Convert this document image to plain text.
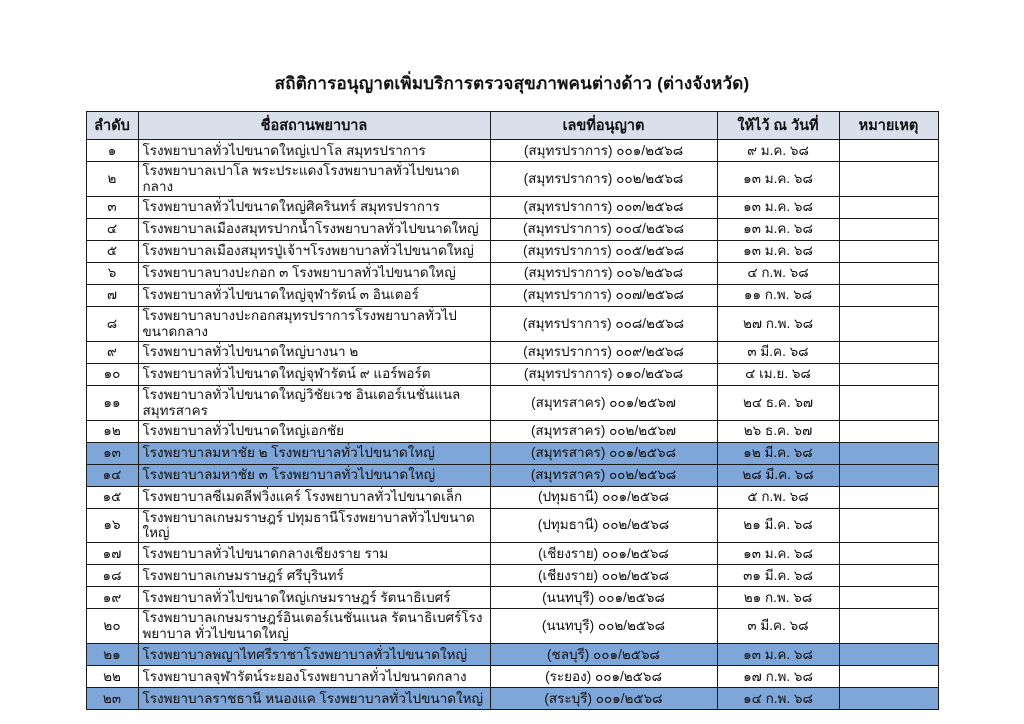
สถิติการอนุญาตเพิ่มบริการตรวจสุขภาพคนต่างด้าว (ต่างจังหวัด)
ลำดับ	ชื่อสถานพยาบาล	เลขที่อนุญาต	ให้ไว้ ณ วันที่	หมายเหตุ
๑	โรงพยาบาลทั่วไปขนาดใหญ่เปาโล สมุทรปราการ	(สมุทรปราการ) ๐๐๑/๒๕๖๘	๙ ม.ค. ๖๘	
๒	โรงพยาบาลเปาโล พระประแดงโรงพยาบาลทั่วไปขนาดกลาง	(สมุทรปราการ) ๐๐๒/๒๕๖๘	๑๓ ม.ค. ๖๘	
๓	โรงพยาบาลทั่วไปขนาดใหญ่ศิครินทร์ สมุทรปราการ	(สมุทรปราการ) ๐๐๓/๒๕๖๘	๑๓ ม.ค. ๖๘	
๔	โรงพยาบาลเมืองสมุทรปากน้ำโรงพยาบาลทั่วไปขนาดใหญ่	(สมุทรปราการ) ๐๐๔/๒๕๖๘	๑๓ ม.ค. ๖๘	
๕	โรงพยาบาลเมืองสมุทรปู่เจ้าฯโรงพยาบาลทั่วไปขนาดใหญ่	(สมุทรปราการ) ๐๐๕/๒๕๖๘	๑๓ ม.ค. ๖๘	
๖	โรงพยาบาลบางปะกอก ๓ โรงพยาบาลทั่วไปขนาดใหญ่	(สมุทรปราการ) ๐๐๖/๒๕๖๘	๔ ก.พ. ๖๘	
๗	โรงพยาบาลทั่วไปขนาดใหญ่จุฬารัตน์ ๓ อินเตอร์	(สมุทรปราการ) ๐๐๗/๒๕๖๘	๑๑ ก.พ. ๖๘	
๘	โรงพยาบาลบางปะกอกสมุทรปราการโรงพยาบาลทั่วไปขนาดกลาง	(สมุทรปราการ) ๐๐๘/๒๕๖๘	๒๗ ก.พ. ๖๘	
๙	โรงพยาบาลทั่วไปขนาดใหญ่บางนา ๒	(สมุทรปราการ) ๐๐๙/๒๕๖๘	๓ มี.ค. ๖๘	
๑๐	โรงพยาบาลทั่วไปขนาดใหญ่จุฬารัตน์ ๙ แอร์พอร์ต	(สมุทรปราการ) ๐๑๐/๒๕๖๘	๔ เม.ย. ๖๘	
๑๑	โรงพยาบาลทั่วไปขนาดใหญ่วิชัยเวช อินเตอร์เนชั่นแนล สมุทรสาคร	(สมุทรสาคร) ๐๐๑/๒๕๖๗	๒๔ ธ.ค. ๖๗	
๑๒	โรงพยาบาลทั่วไปขนาดใหญ่เอกชัย	(สมุทรสาคร) ๐๐๒/๒๕๖๗	๒๖ ธ.ค. ๖๗	
๑๓	โรงพยาบาลมหาชัย ๒ โรงพยาบาลทั่วไปขนาดใหญ่	(สมุทรสาคร) ๐๐๑/๒๕๖๘	๑๒ มี.ค. ๖๘	
๑๔	โรงพยาบาลมหาชัย ๓ โรงพยาบาลทั่วไปขนาดใหญ่	(สมุทรสาคร) ๐๐๒/๒๕๖๘	๒๘ มี.ค. ๖๘	
๑๕	โรงพยาบาลซีเมดลีฟวิ่งแคร์ โรงพยาบาลทั่วไปขนาดเล็ก	(ปทุมธานี) ๐๐๑/๒๕๖๘	๕ ก.พ. ๖๘	
๑๖	โรงพยาบาลเกษมราษฎร์ ปทุมธานีโรงพยาบาลทั่วไปขนาดใหญ่	(ปทุมธานี) ๐๐๒/๒๕๖๘	๒๑ มี.ค. ๖๘	
๑๗	โรงพยาบาลทั่วไปขนาดกลางเชียงราย ราม	(เชียงราย) ๐๐๑/๒๕๖๘	๑๓ ม.ค. ๖๘	
๑๘	โรงพยาบาลเกษมราษฎร์ ศรีบุรินทร์	(เชียงราย) ๐๐๒/๒๕๖๘	๓๑ มี.ค. ๖๘	
๑๙	โรงพยาบาลทั่วไปขนาดใหญ่เกษมราษฎร์ รัตนาธิเบศร์	(นนทบุรี) ๐๐๑/๒๕๖๘	๒๑ ก.พ. ๖๘	
๒๐	โรงพยาบาลเกษมราษฎร์อินเตอร์เนชั่นแนล รัตนาธิเบศร์โรงพยาบาล ทั่วไปขนาดใหญ่	(นนทบุรี) ๐๐๒/๒๕๖๘	๓ มี.ค. ๖๘	
๒๑	โรงพยาบาลพญาไทศรีราชาโรงพยาบาลทั่วไปขนาดใหญ่	(ชลบุรี) ๐๐๑/๒๕๖๘	๑๓ ม.ค. ๖๘	
๒๒	โรงพยาบาลจุฬารัตน์ระยองโรงพยาบาลทั่วไปขนาดกลาง	(ระยอง) ๐๐๑/๒๕๖๘	๑๗ ก.พ. ๖๘	
๒๓	โรงพยาบาลราชธานี หนองแค โรงพยาบาลทั่วไปขนาดใหญ่	(สระบุรี) ๐๐๑/๒๕๖๘	๑๔ ก.พ. ๖๘	
